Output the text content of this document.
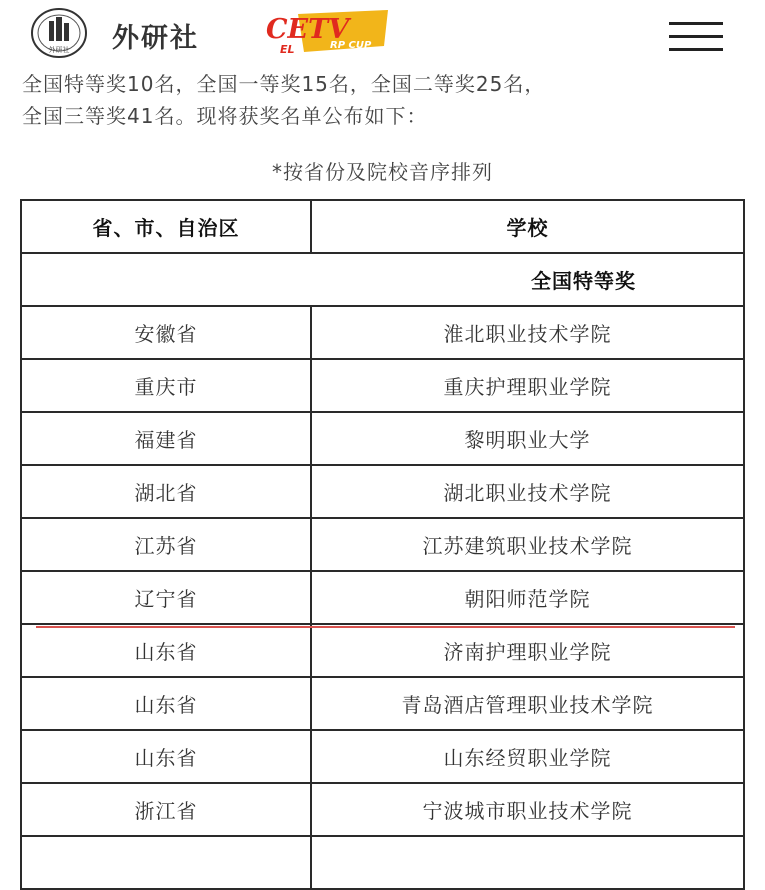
外研社 外研社 CETV
EL	RP CUP

全国特等奖10名，全国一等奖15名，全国二等奖25名，

全国三等奖41名。现将获奖名单公布如下：

*按省份及院校音序排列
省、市、自治区	学校
全国特等奖	
安徽省	淮北职业技术学院
重庆市	重庆护理职业学院
福建省	黎明职业大学
湖北省	湖北职业技术学院
江苏省	江苏建筑职业技术学院
辽宁省	朝阳师范学院
山东省	济南护理职业学院
山东省	青岛酒店管理职业技术学院
山东省	山东经贸职业学院
浙江省	宁波城市职业技术学院
